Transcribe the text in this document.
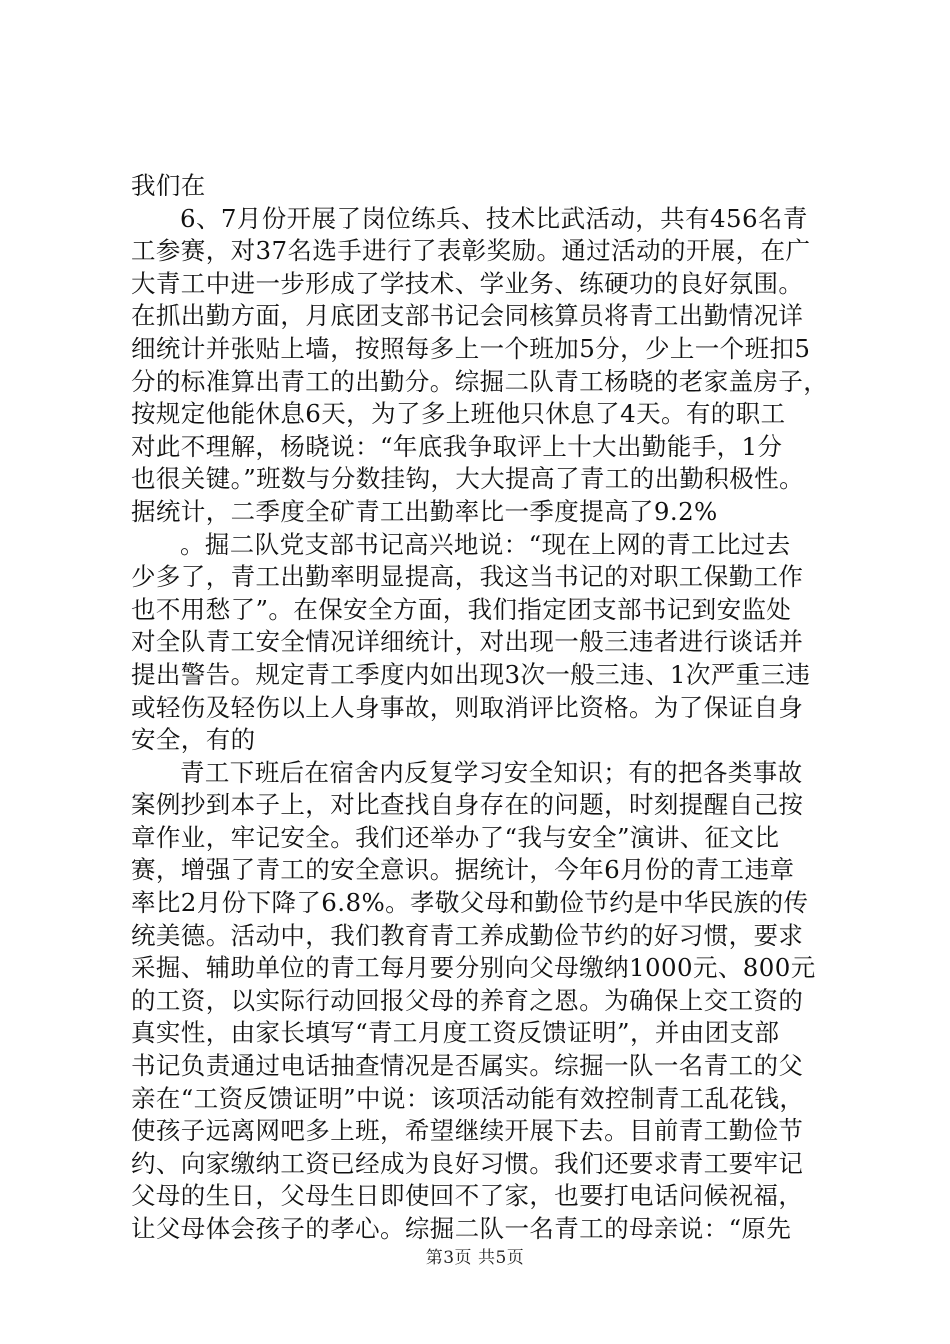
我们在
6、7月份开展了岗位练兵、技术比武活动，共有456名青
工参赛，对37名选手进行了表彰奖励。通过活动的开展，在广
大青工中进一步形成了学技术、学业务、练硬功的良好氛围。
在抓出勤方面，月底团支部书记会同核算员将青工出勤情况详
细统计并张贴上墙，按照每多上一个班加5分，少上一个班扣5
分的标准算出青工的出勤分。综掘二队青工杨晓的老家盖房子，
按规定他能休息6天，为了多上班他只休息了4天。有的职工
对此不理解，杨晓说：“年底我争取评上十大出勤能手，1分
也很关键。”班数与分数挂钩，大大提高了青工的出勤积极性。
据统计，二季度全矿青工出勤率比一季度提高了9.2%
。掘二队党支部书记高兴地说：“现在上网的青工比过去
少多了，青工出勤率明显提高，我这当书记的对职工保勤工作
也不用愁了”。在保安全方面，我们指定团支部书记到安监处
对全队青工安全情况详细统计，对出现一般三违者进行谈话并
提出警告。规定青工季度内如出现3次一般三违、1次严重三违
或轻伤及轻伤以上人身事故，则取消评比资格。为了保证自身
安全，有的
青工下班后在宿舍内反复学习安全知识；有的把各类事故
案例抄到本子上，对比查找自身存在的问题，时刻提醒自己按
章作业，牢记安全。我们还举办了“我与安全”演讲、征文比
赛，增强了青工的安全意识。据统计，今年6月份的青工违章
率比2月份下降了6.8%。孝敬父母和勤俭节约是中华民族的传
统美德。活动中，我们教育青工养成勤俭节约的好习惯，要求
采掘、辅助单位的青工每月要分别向父母缴纳1000元、800元
的工资，以实际行动回报父母的养育之恩。为确保上交工资的
真实性，由家长填写“青工月度工资反馈证明”，并由团支部
书记负责通过电话抽查情况是否属实。综掘一队一名青工的父
亲在“工资反馈证明”中说：该项活动能有效控制青工乱花钱，
使孩子远离网吧多上班，希望继续开展下去。目前青工勤俭节
约、向家缴纳工资已经成为良好习惯。我们还要求青工要牢记
父母的生日，父母生日即使回不了家，也要打电话问候祝福，
让父母体会孩子的孝心。综掘二队一名青工的母亲说：“原先
第3页 共5页
